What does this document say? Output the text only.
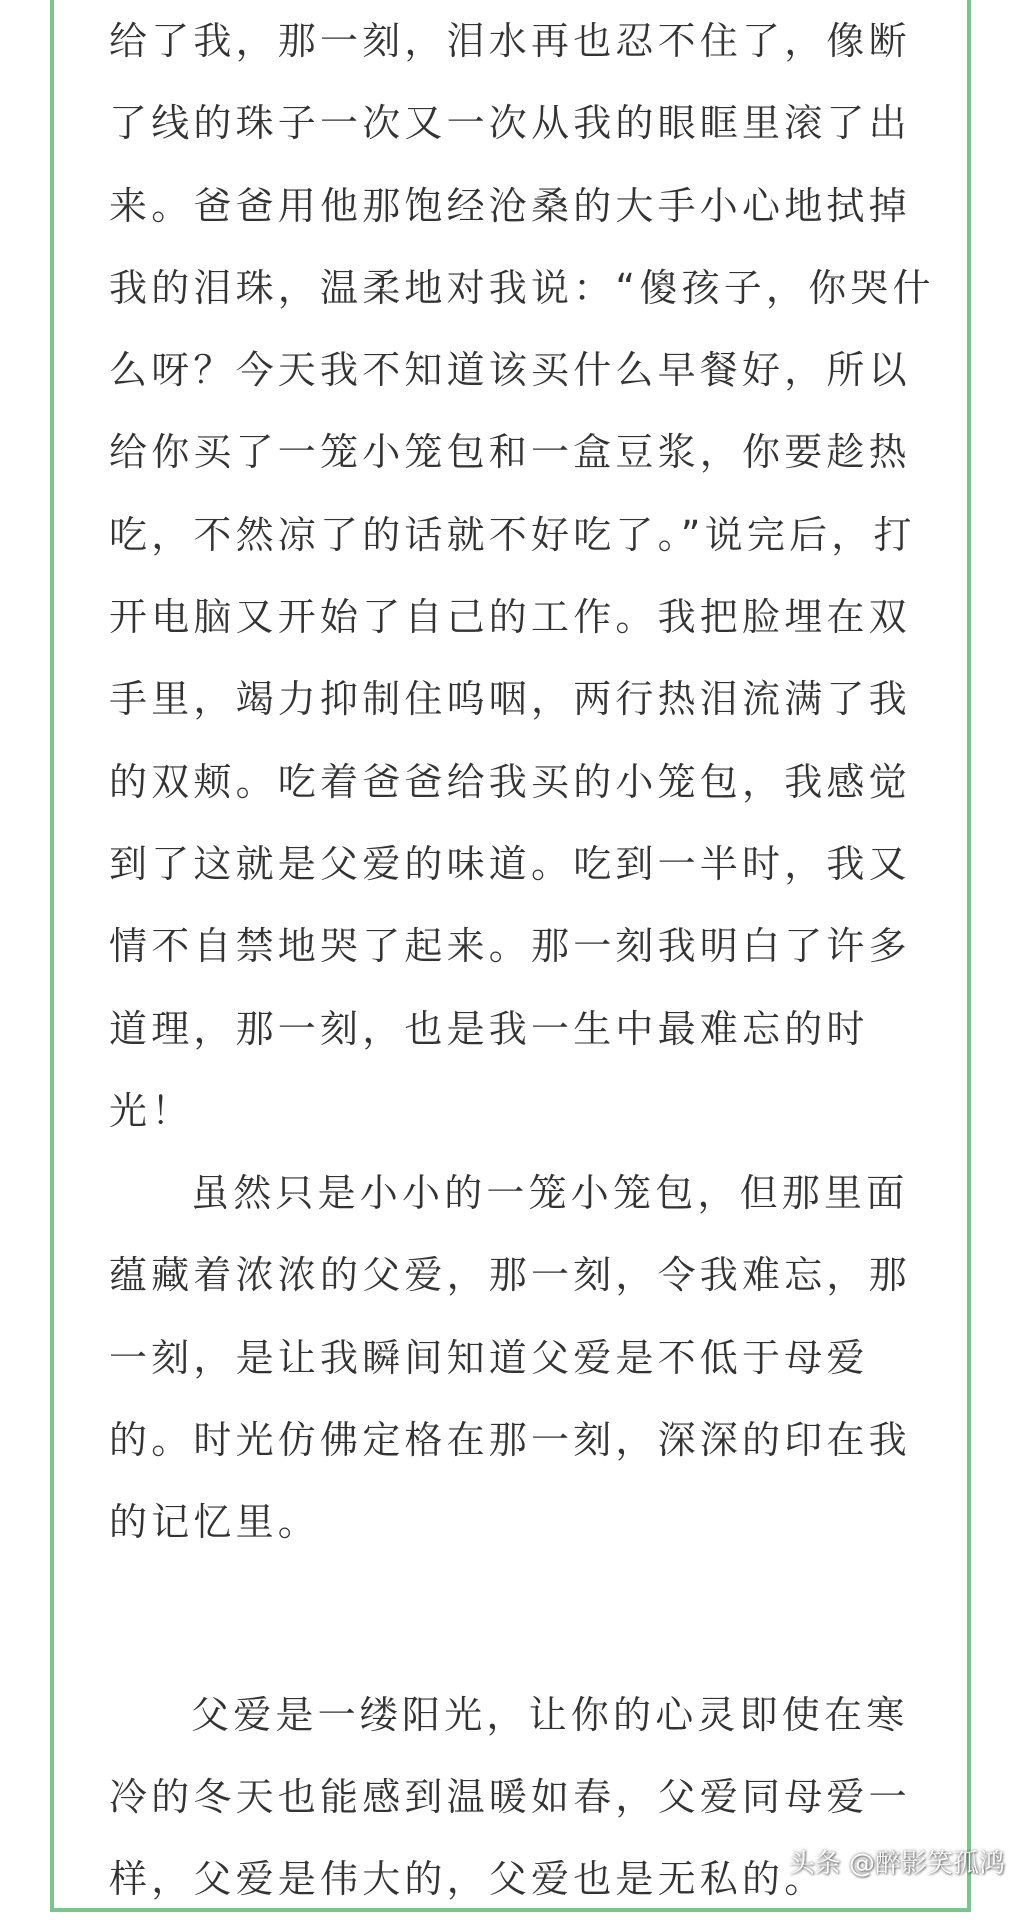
给了我，那一刻，泪水再也忍不住了，像断
了线的珠子一次又一次从我的眼眶里滚了出
来。爸爸用他那饱经沧桑的大手小心地拭掉
我的泪珠，温柔地对我说：“傻孩子，你哭什
么呀？今天我不知道该买什么早餐好，所以
给你买了一笼小笼包和一盒豆浆，你要趁热
吃，不然凉了的话就不好吃了。”说完后，打
开电脑又开始了自己的工作。我把脸埋在双
手里，竭力抑制住呜咽，两行热泪流满了我
的双颊。吃着爸爸给我买的小笼包，我感觉
到了这就是父爱的味道。吃到一半时，我又
情不自禁地哭了起来。那一刻我明白了许多
道理，那一刻，也是我一生中最难忘的时
光！
虽然只是小小的一笼小笼包，但那里面
蕴藏着浓浓的父爱，那一刻，令我难忘，那
一刻，是让我瞬间知道父爱是不低于母爱
的。时光仿佛定格在那一刻，深深的印在我
的记忆里。
父爱是一缕阳光，让你的心灵即使在寒
冷的冬天也能感到温暖如春，父爱同母爱一
样，父爱是伟大的，父爱也是无私的。
头条 @醉影笑孤鸿
